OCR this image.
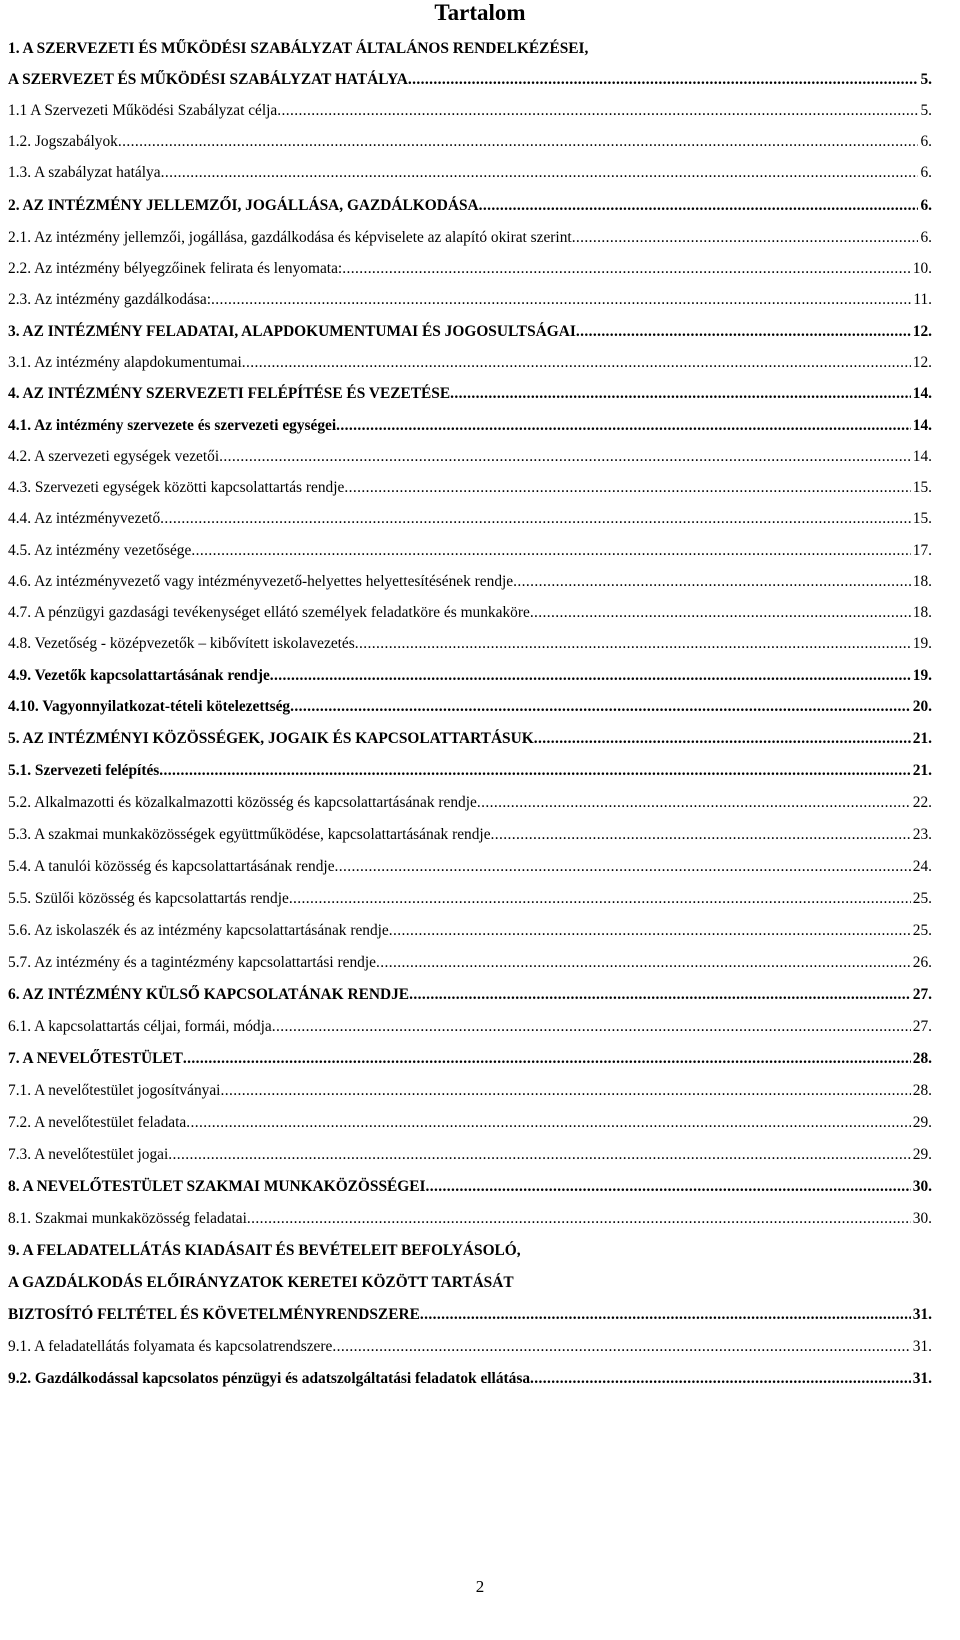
Tartalom
1. A SZERVEZETI ÉS MŰKÖDÉSI SZABÁLYZAT ÁLTALÁNOS RENDELKÉZÉSEI,
A SZERVEZET ÉS MŰKÖDÉSI SZABÁLYZAT HATÁLYA .....	5.
1.1 A Szervezeti Működési Szabályzat célja .....	5.
1.2. Jogszabályok .....	6.
1.3. A szabályzat hatálya .....	6.
2. AZ INTÉZMÉNY JELLEMZŐI, JOGÁLLÁSA, GAZDÁLKODÁSA .....	6.
2.1. Az intézmény jellemzői, jogállása, gazdálkodása és képviselete az alapító okirat szerint .....	6.
2.2. Az intézmény bélyegzőinek felirata és lenyomata: .....	10.
2.3. Az intézmény gazdálkodása: .....	11.
3. AZ INTÉZMÉNY FELADATAI, ALAPDOKUMENTUMAI ÉS JOGOSULTSÁGAI .....	12.
3.1. Az intézmény alapdokumentumai .....	12.
4. AZ INTÉZMÉNY SZERVEZETI FELÉPÍTÉSE ÉS VEZETÉSE .....	14.
4.1. Az intézmény szervezete és szervezeti egységei .....	14.
4.2. A szervezeti egységek vezetői .....	14.
4.3. Szervezeti egységek közötti kapcsolattartás rendje .....	15.
4.4. Az intézményvezető .....	15.
4.5. Az intézmény vezetősége .....	17.
4.6. Az intézményvezető vagy intézményvezető-helyettes helyettesítésének rendje .....	18.
4.7. A pénzügyi gazdasági tevékenységet ellátó személyek feladatköre és munkaköre .....	18.
4.8. Vezetőség - középvezetők – kibővített iskolavezetés .....	19.
4.9. Vezetők kapcsolattartásának rendje .....	19.
4.10. Vagyonnyilatkozat-tételi kötelezettség .....	20.
5. AZ INTÉZMÉNYI KÖZÖSSÉGEK, JOGAIK ÉS KAPCSOLATTARTÁSUK .....	21.
5.1. Szervezeti felépítés .....	21.
5.2. Alkalmazotti és közalkalmazotti közösség és kapcsolattartásának rendje .....	22.
5.3. A szakmai munkaközösségek együttműködése, kapcsolattartásának rendje .....	23.
5.4. A tanulói közösség és kapcsolattartásának rendje .....	24.
5.5. Szülői közösség és kapcsolattartás rendje .....	25.
5.6. Az iskolaszék és az intézmény kapcsolattartásának rendje .....	25.
5.7. Az intézmény és a tagintézmény kapcsolattartási rendje .....	26.
6. AZ INTÉZMÉNY KÜLSŐ KAPCSOLATÁNAK RENDJE .....	27.
6.1. A kapcsolattartás céljai, formái, módja .....	27.
7. A NEVELŐTESTÜLET .....	28.
7.1. A nevelőtestület jogosítványai .....	28.
7.2. A nevelőtestület feladata .....	29.
7.3. A nevelőtestület jogai .....	29.
8. A NEVELŐTESTÜLET SZAKMAI MUNKAKÖZÖSSÉGEI .....	30.
8.1. Szakmai munkaközösség feladatai .....	30.
9. A FELADATELLÁTÁS KIADÁSAIT ÉS BEVÉTELEIT BEFOLYÁSOLÓ,
A GAZDÁLKODÁS ELŐIRÁNYZATOK KERETEI KÖZÖTT TARTÁSÁT
BIZTOSÍTÓ FELTÉTEL ÉS KÖVETELMÉNYRENDSZERE .....	31.
9.1. A feladatellátás folyamata és kapcsolatrendszere .....	31.
9.2. Gazdálkodással kapcsolatos pénzügyi és adatszolgáltatási feladatok ellátása .....	31.
2
